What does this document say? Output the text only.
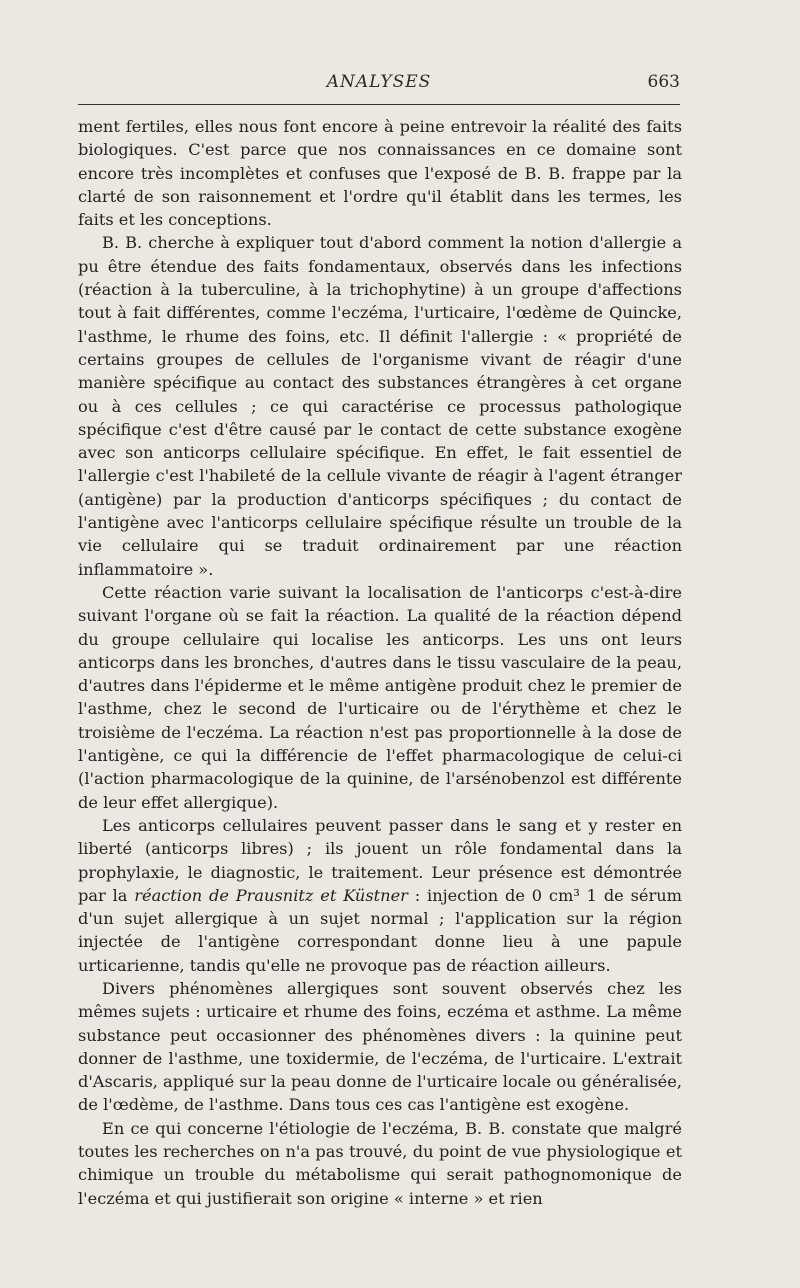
ANALYSES	663

ment fertiles, elles nous font encore à peine entrevoir la réalité des faits biologiques. C'est parce que nos connaissances en ce domaine sont encore très incomplètes et confuses que l'exposé de B. B. frappe par la clarté de son raisonnement et l'ordre qu'il établit dans les termes, les faits et les conceptions.

B. B. cherche à expliquer tout d'abord comment la notion d'allergie a pu être étendue des faits fondamentaux, observés dans les infections (réaction à la tuberculine, à la trichophytine) à un groupe d'affections tout à fait différentes, comme l'eczéma, l'urticaire, l'œdème de Quincke, l'asthme, le rhume des foins, etc. Il définit l'allergie : « propriété de certains groupes de cellules de l'organisme vivant de réagir d'une manière spécifique au contact des substances étrangères à cet organe ou à ces cellules ; ce qui caractérise ce processus pathologique spécifique c'est d'être causé par le contact de cette substance exogène avec son anticorps cellulaire spécifique. En effet, le fait essentiel de l'allergie c'est l'habileté de la cellule vivante de réagir à l'agent étranger (antigène) par la production d'anticorps spécifiques ; du contact de l'antigène avec l'anticorps cellulaire spécifique résulte un trouble de la vie cellulaire qui se traduit ordinairement par une réaction inflammatoire ».

Cette réaction varie suivant la localisation de l'anticorps c'est-à-dire suivant l'organe où se fait la réaction. La qualité de la réaction dépend du groupe cellulaire qui localise les anticorps. Les uns ont leurs anticorps dans les bronches, d'autres dans le tissu vasculaire de la peau, d'autres dans l'épiderme et le même antigène produit chez le premier de l'asthme, chez le second de l'urticaire ou de l'érythème et chez le troisième de l'eczéma. La réaction n'est pas proportionnelle à la dose de l'antigène, ce qui la différencie de l'effet pharmacologique de celui-ci (l'action pharmacologique de la quinine, de l'arsénobenzol est différente de leur effet allergique).

Les anticorps cellulaires peuvent passer dans le sang et y rester en liberté (anticorps libres) ; ils jouent un rôle fondamental dans la prophylaxie, le diagnostic, le traitement. Leur présence est démontrée par la réaction de Prausnitz et Küstner : injection de 0 cm³ 1 de sérum d'un sujet allergique à un sujet normal ; l'application sur la région injectée de l'antigène correspondant donne lieu à une papule urticarienne, tandis qu'elle ne provoque pas de réaction ailleurs.

Divers phénomènes allergiques sont souvent observés chez les mêmes sujets : urticaire et rhume des foins, eczéma et asthme. La même substance peut occasionner des phénomènes divers : la quinine peut donner de l'asthme, une toxidermie, de l'eczéma, de l'urticaire. L'extrait d'Ascaris, appliqué sur la peau donne de l'urticaire locale ou généralisée, de l'œdème, de l'asthme. Dans tous ces cas l'antigène est exogène.

En ce qui concerne l'étiologie de l'eczéma, B. B. constate que malgré toutes les recherches on n'a pas trouvé, du point de vue physiologique et chimique un trouble du métabolisme qui serait pathognomonique de l'eczéma et qui justifierait son origine « interne » et rien
